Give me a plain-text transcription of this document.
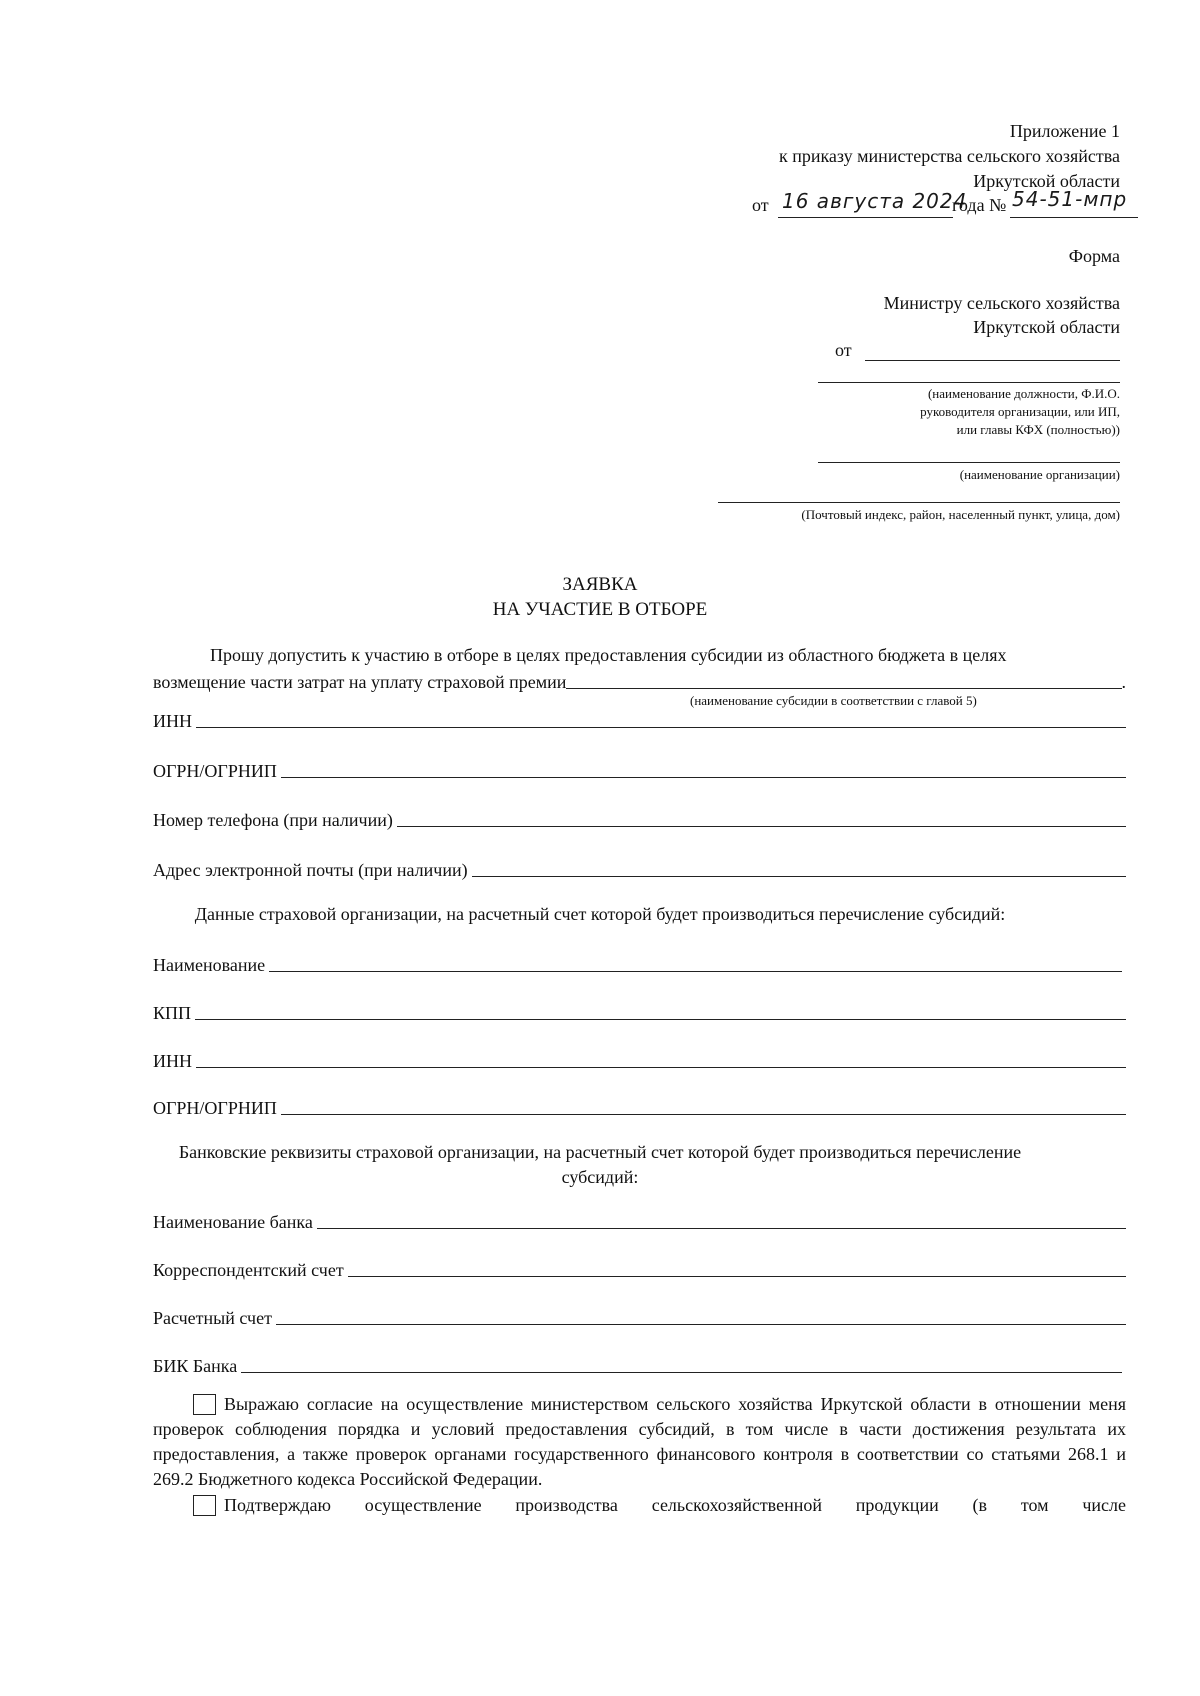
Приложение 1
к приказу министерства сельского хозяйства
Иркутской области
от 16 августа 2024
года № 54-51-мпр
Форма
Министру сельского хозяйства
Иркутской области
от
(наименование должности, Ф.И.О.
руководителя организации, или ИП,
или главы КФХ (полностью))
(наименование организации)
(Почтовый индекс, район, населенный пункт, улица, дом)
ЗАЯВКА
НА УЧАСТИЕ В ОТБОРЕ
Прошу допустить к участию в отборе в целях предоставления субсидии из областного бюджета в целях
возмещение части затрат на уплату страховой премии	.
(наименование субсидии в соответствии с главой 5)
ИНН
ОГРН/ОГРНИП
Номер телефона (при наличии)
Адрес электронной почты (при наличии)
Данные страховой организации, на расчетный счет которой будет производиться перечисление субсидий:
Наименование
КПП
ИНН
ОГРН/ОГРНИП
Банковские реквизиты страховой организации, на расчетный счет которой будет производиться перечисление
субсидий:
Наименование банка
Корреспондентский счет
Расчетный счет
БИК Банка
Выражаю согласие на осуществление министерством сельского хозяйства Иркутской области в отношении меня проверок соблюдения порядка и условий предоставления субсидий, в том числе в части достижения результата их предоставления, а также проверок органами государственного финансового контроля в соответствии со статьями 268.1 и 269.2 Бюджетного кодекса Российской Федерации.
Подтверждаю осуществление производства сельскохозяйственной продукции (в том числе
